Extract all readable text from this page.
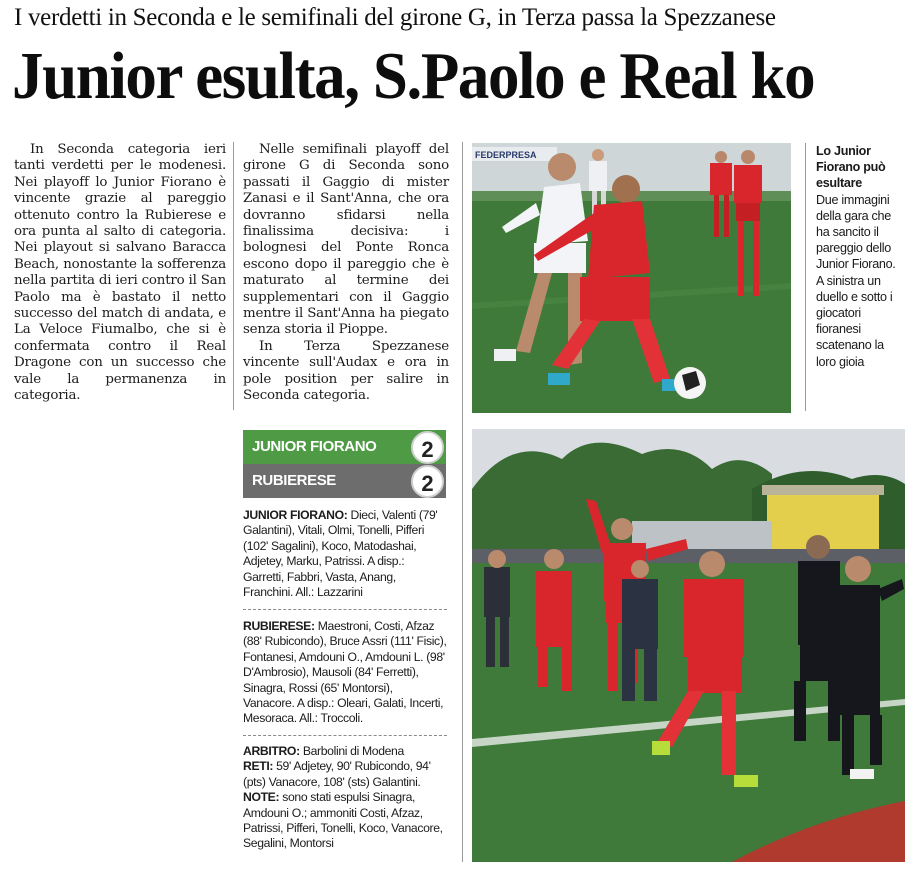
I verdetti in Seconda e le semifinali del girone G, in Terza passa la Spezzanese
Junior esulta, S.Paolo e Real ko

In Seconda categoria ieri tanti verdetti per le modenesi. Nei playoff lo Junior Fiorano è vincente grazie al pareggio ottenuto contro la Rubierese e ora punta al salto di categoria. Nei playout si salvano Baracca Beach, nonostante la sofferenza nella partita di ieri contro il San Paolo ma è bastato il netto successo del match di andata, e La Veloce Fiumalbo, che si è confermata contro il Real Dragone con un successo che vale la permanenza in categoria.

Nelle semifinali playoff del girone G di Seconda sono passati il Gaggio di mister Zanasi e il Sant'Anna, che ora dovranno sfidarsi nella finalissima decisiva: i bolognesi del Ponte Ronca escono dopo il pareggio che è maturato al termine dei supplementari con il Gaggio mentre il Sant'Anna ha piegato senza storia il Pioppe.

In Terza Spezzanese vincente sull'Audax e ora in pole position per salire in Seconda categoria.

FEDERPRESA	Lo Junior Fiorano può esultare
Due immagini della gara che ha sancito il pareggio dello Junior Fiorano. A sinistra un duello e sotto i giocatori fioranesi scatenano la loro gioia
JUNIOR FIORANO	2
RUBIERESE	2
JUNIOR FIORANO: Dieci, Valenti (79' Galantini), Vitali, Olmi, Tonelli, Pifferi (102' Sagalini), Koco, Matodashai, Adjetey, Marku, Patrissi. A disp.: Garretti, Fabbri, Vasta, Anang, Franchini. All.: Lazzarini
RUBIERESE: Maestroni, Costi, Afzaz (88' Rubicondo), Bruce Assri (111' Fisic), Fontanesi, Amdouni O., Amdouni L. (98' D'Ambrosio), Mausoli (84' Ferretti), Sinagra, Rossi (65' Montorsi), Vanacore. A disp.: Oleari, Galati, Incerti, Mesoraca. All.: Troccoli.
ARBITRO: Barbolini di Modena
RETI: 59' Adjetey, 90' Rubicondo, 94' (pts) Vanacore, 108' (sts) Galantini.
NOTE: sono stati espulsi Sinagra, Amdouni O.; ammoniti Costi, Afzaz, Patrissi, Pifferi, Tonelli, Koco, Vanacore, Segalini, Montorsi
